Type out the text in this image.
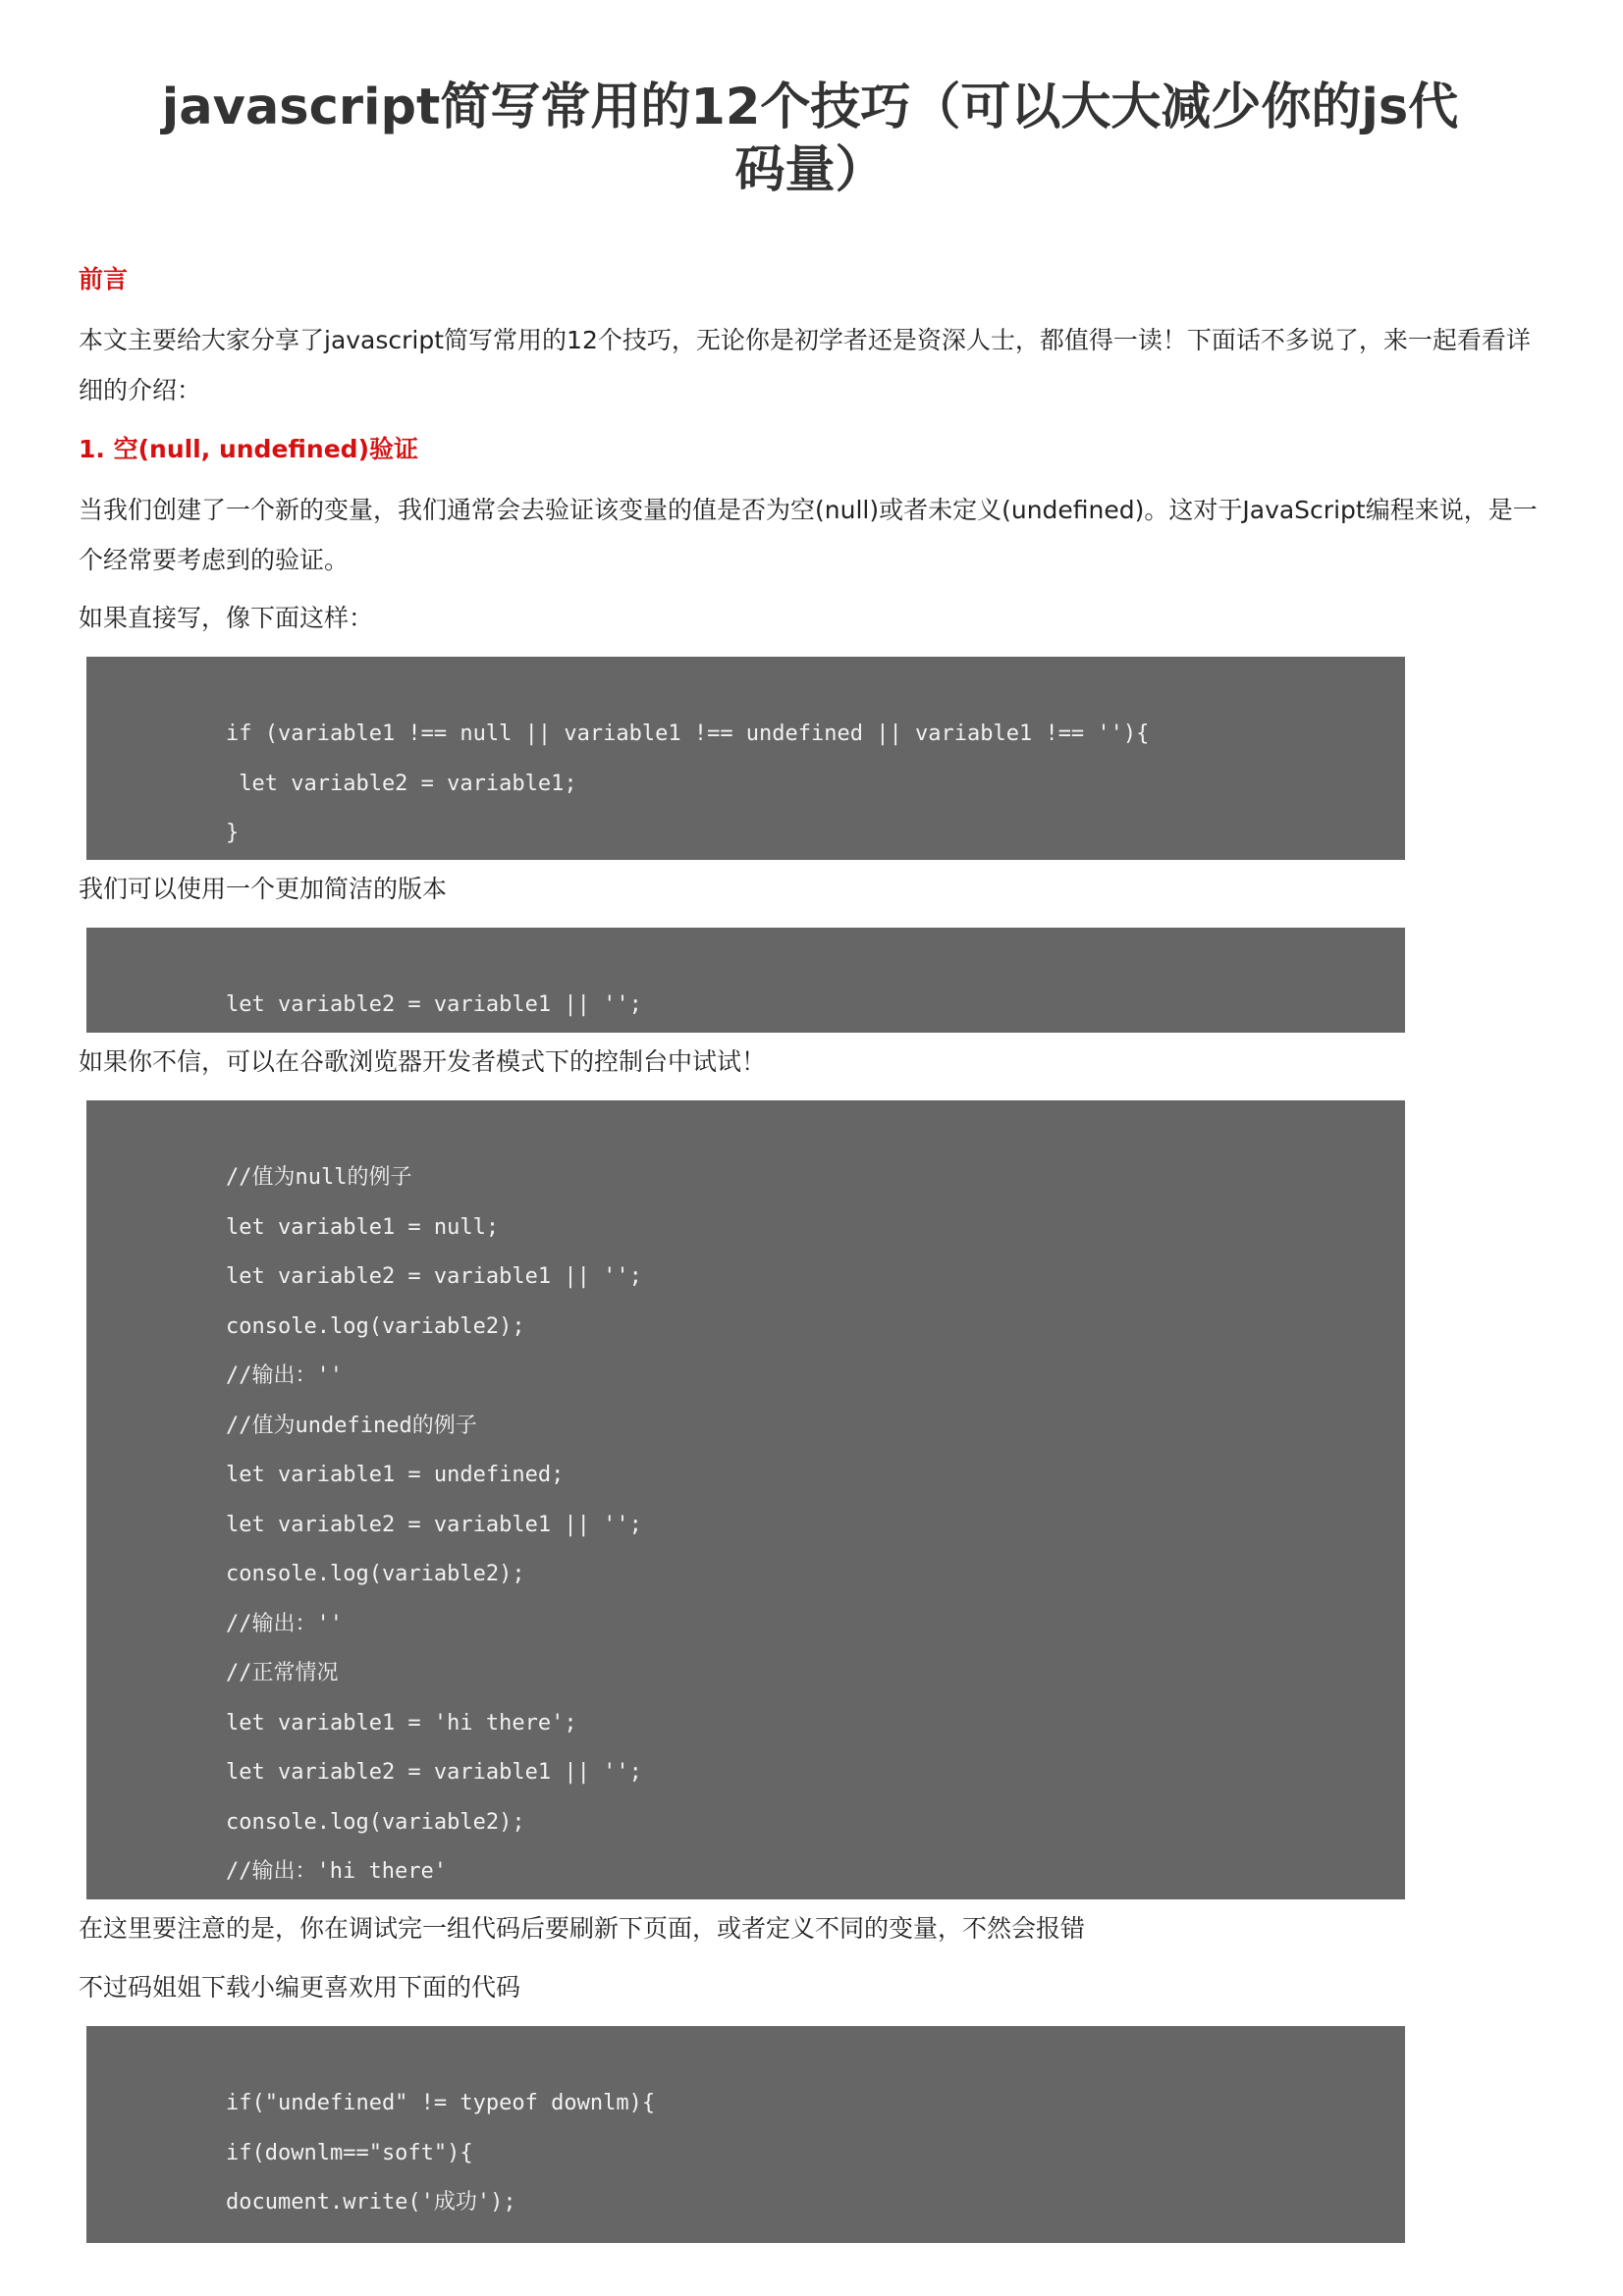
javascript简写常用的12个技巧（可以大大减少你的js代码量）
前言

本文主要给大家分享了javascript简写常用的12个技巧，无论你是初学者还是资深人士，都值得一读！下面话不多说了，来一起看看详细的介绍：

1. 空(null, undefined)验证

当我们创建了一个新的变量，我们通常会去验证该变量的值是否为空(null)或者未定义(undefined)。这对于JavaScript编程来说，是一个经常要考虑到的验证。

如果直接写，像下面这样：

if (variable1 !== null || variable1 !== undefined || variable1 !== ''){
let variable2 = variable1;
}

我们可以使用一个更加简洁的版本

let variable2 = variable1 || '';

如果你不信，可以在谷歌浏览器开发者模式下的控制台中试试！

//值为null的例子
let variable1 = null;
let variable2 = variable1 || '';
console.log(variable2);
//输出：''
//值为undefined的例子
let variable1 = undefined;
let variable2 = variable1 || '';
console.log(variable2);
//输出：''
//正常情况
let variable1 = 'hi there';
let variable2 = variable1 || '';
console.log(variable2);
//输出：'hi there'

在这里要注意的是，你在调试完一组代码后要刷新下页面，或者定义不同的变量，不然会报错

不过码姐姐下载小编更喜欢用下面的代码

if("undefined" != typeof downlm){
if(downlm=="soft"){
document.write('成功');
